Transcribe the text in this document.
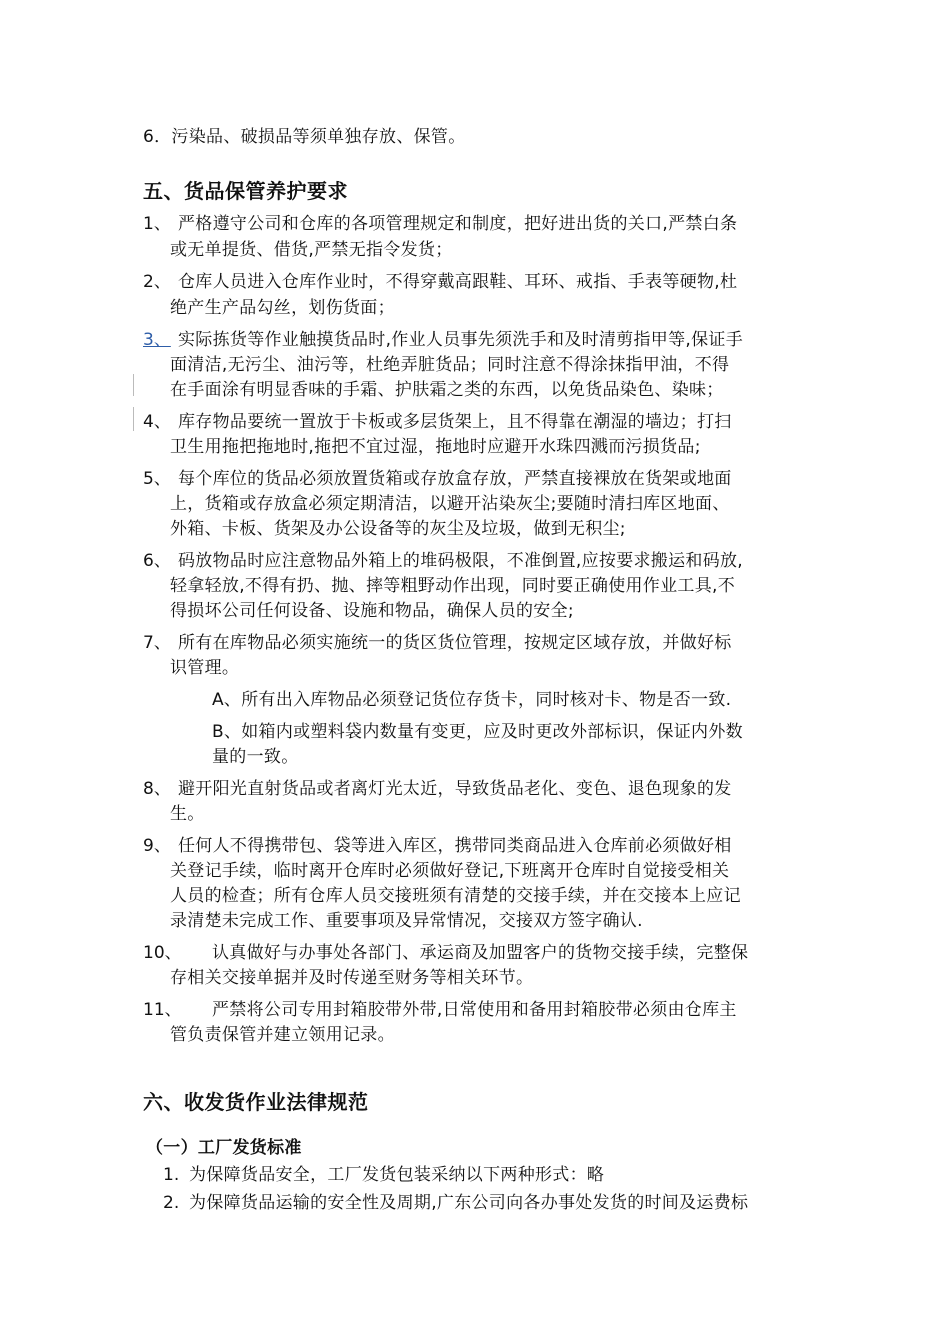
6．污染品、破损品等须单独存放、保管。
五、货品保管养护要求
1、 严格遵守公司和仓库的各项管理规定和制度，把好进出货的关口,严禁白条
或无单提货、借货,严禁无指令发货；
2、 仓库人员进入仓库作业时，不得穿戴高跟鞋、耳环、戒指、手表等硬物,杜
绝产生产品勾丝，划伤货面；
3、 实际拣货等作业触摸货品时,作业人员事先须洗手和及时清剪指甲等,保证手
面清洁,无污尘、油污等，杜绝弄脏货品；同时注意不得涂抹指甲油，不得
在手面涂有明显香味的手霜、护肤霜之类的东西，以免货品染色、染味；
4、 库存物品要统一置放于卡板或多层货架上，且不得靠在潮湿的墙边；打扫
卫生用拖把拖地时,拖把不宜过湿，拖地时应避开水珠四溅而污损货品;
5、 每个库位的货品必须放置货箱或存放盒存放，严禁直接裸放在货架或地面
上，货箱或存放盒必须定期清洁，以避开沾染灰尘;要随时清扫库区地面、
外箱、卡板、货架及办公设备等的灰尘及垃圾，做到无积尘;
6、 码放物品时应注意物品外箱上的堆码极限，不准倒置,应按要求搬运和码放,
轻拿轻放,不得有扔、抛、摔等粗野动作出现，同时要正确使用作业工具,不
得损坏公司任何设备、设施和物品，确保人员的安全;
7、 所有在库物品必须实施统一的货区货位管理，按规定区域存放，并做好标
识管理。
A、所有出入库物品必须登记货位存货卡，同时核对卡、物是否一致.
B、如箱内或塑料袋内数量有变更，应及时更改外部标识，保证内外数
量的一致。
8、 避开阳光直射货品或者离灯光太近，导致货品老化、变色、退色现象的发
生。
9、 任何人不得携带包、袋等进入库区，携带同类商品进入仓库前必须做好相
关登记手续，临时离开仓库时必须做好登记,下班离开仓库时自觉接受相关
人员的检查；所有仓库人员交接班须有清楚的交接手续，并在交接本上应记
录清楚未完成工作、重要事项及异常情况，交接双方签字确认.
10、 认真做好与办事处各部门、承运商及加盟客户的货物交接手续，完整保
存相关交接单据并及时传递至财务等相关环节。
11、 严禁将公司专用封箱胶带外带,日常使用和备用封箱胶带必须由仓库主
管负责保管并建立领用记录。
六、收发货作业法律规范
（一）工厂发货标准
1. 为保障货品安全，工厂发货包装采纳以下两种形式：略
2. 为保障货品运输的安全性及周期,广东公司向各办事处发货的时间及运费标
